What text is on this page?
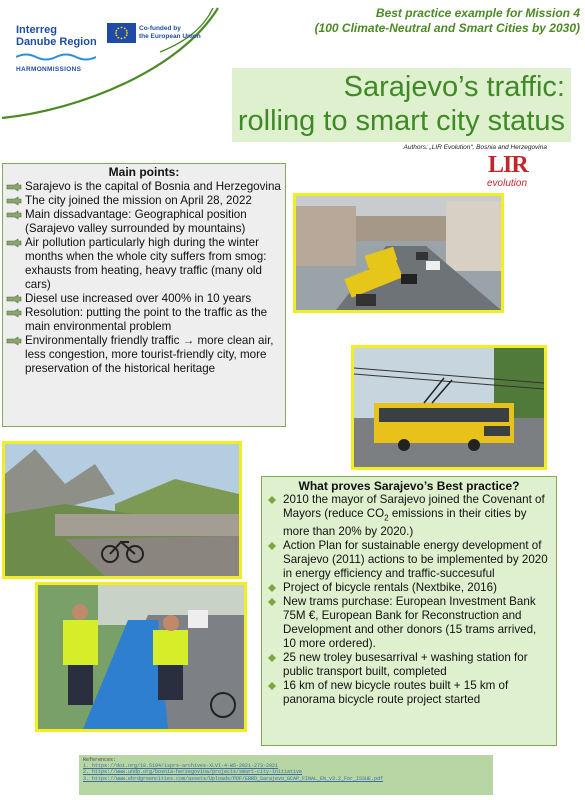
Interreg
Danube Region
Co-funded by
the European Union
HARMONMISSIONS
Best practice example for Mission 4
(100 Climate-Neutral and Smart Cities by 2030)
Sarajevo’s traffic:
rolling to smart city status
Authors: „LIR Evolution“, Bosnia and Herzegovina
LIR
evolution
Main points:
Sarajevo is the capital of Bosnia and Herzegovina
The city joined the mission on April 28, 2022
Main dissadvantage: Geographical position (Sarajevo valley surrounded by mountains)
Air pollution particularly high during the winter months when the whole city suffers from smog: exhausts from heating, heavy traffic (many old cars)
Diesel use increased over 400% in 10 years
Resolution: putting the point to the traffic as the main environmental problem
Environmentally friendly traffic → more clean air, less congestion, more tourist-friendly city, more preservation of the historical heritage
What proves Sarajevo’s Best practice?
2010 the mayor of Sarajevo joined the Covenant of Mayors (reduce $CO_2$ emissions in their cities by more than 20% by 2020.)
Action Plan for sustainable energy development of Sarajevo (2011) actions to be implemented by 2020 in energy efficiency and traffic-succesuful
Project of bicycle rentals (Nextbike, 2016)
New trams purchase: European Investment Bank 75M €, European Bank for Reconstruction and Development and other donors (15 trams arrived, 10 more ordered).
25 new troley busesarrival + washing station for public transport built, completed
16 km of new bicycle routes built + 15 km of panorama bicycle route project started
References:
1. https://doi.org/10.5194/isprs-archives-XLVI-4-W5-2021-273-2021
2. https://www.undp.org/bosnia-herzegovina/projects/smart-city-initiative
3. https://www.ebrdgreencities.com/assets/Uploads/PDF/EBRD_Sarajevo_GCAP_FINAL_EN_v3.2_For_ISSUE.pdf
